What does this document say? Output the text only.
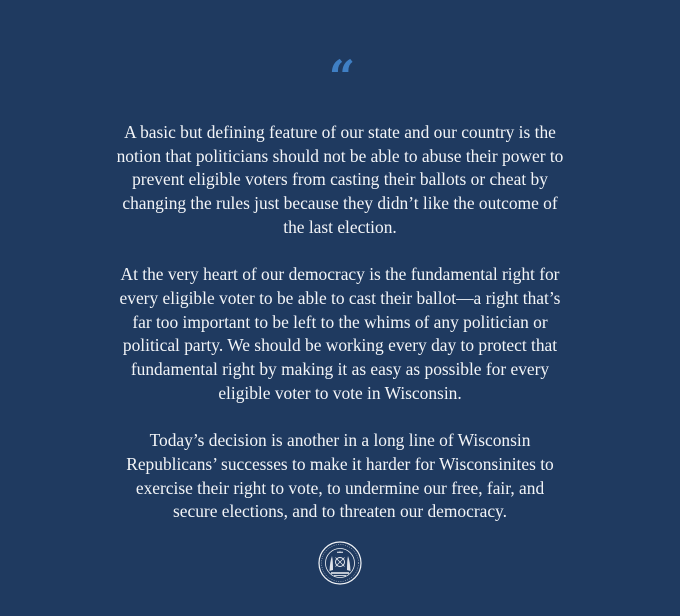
“

A basic but defining feature of our state and our country is the
notion that politicians should not be able to abuse their power to
prevent eligible voters from casting their ballots or cheat by
changing the rules just because they didn’t like the outcome of
the last election.

At the very heart of our democracy is the fundamental right for
every eligible voter to be able to cast their ballot—a right that’s
far too important to be left to the whims of any politician or
political party. We should be working every day to protect that
fundamental right by making it as easy as possible for every
eligible voter to vote in Wisconsin.

Today’s decision is another in a long line of Wisconsin
Republicans’ successes to make it harder for Wisconsinites to
exercise their right to vote, to undermine our free, fair, and
secure elections, and to threaten our democracy.
